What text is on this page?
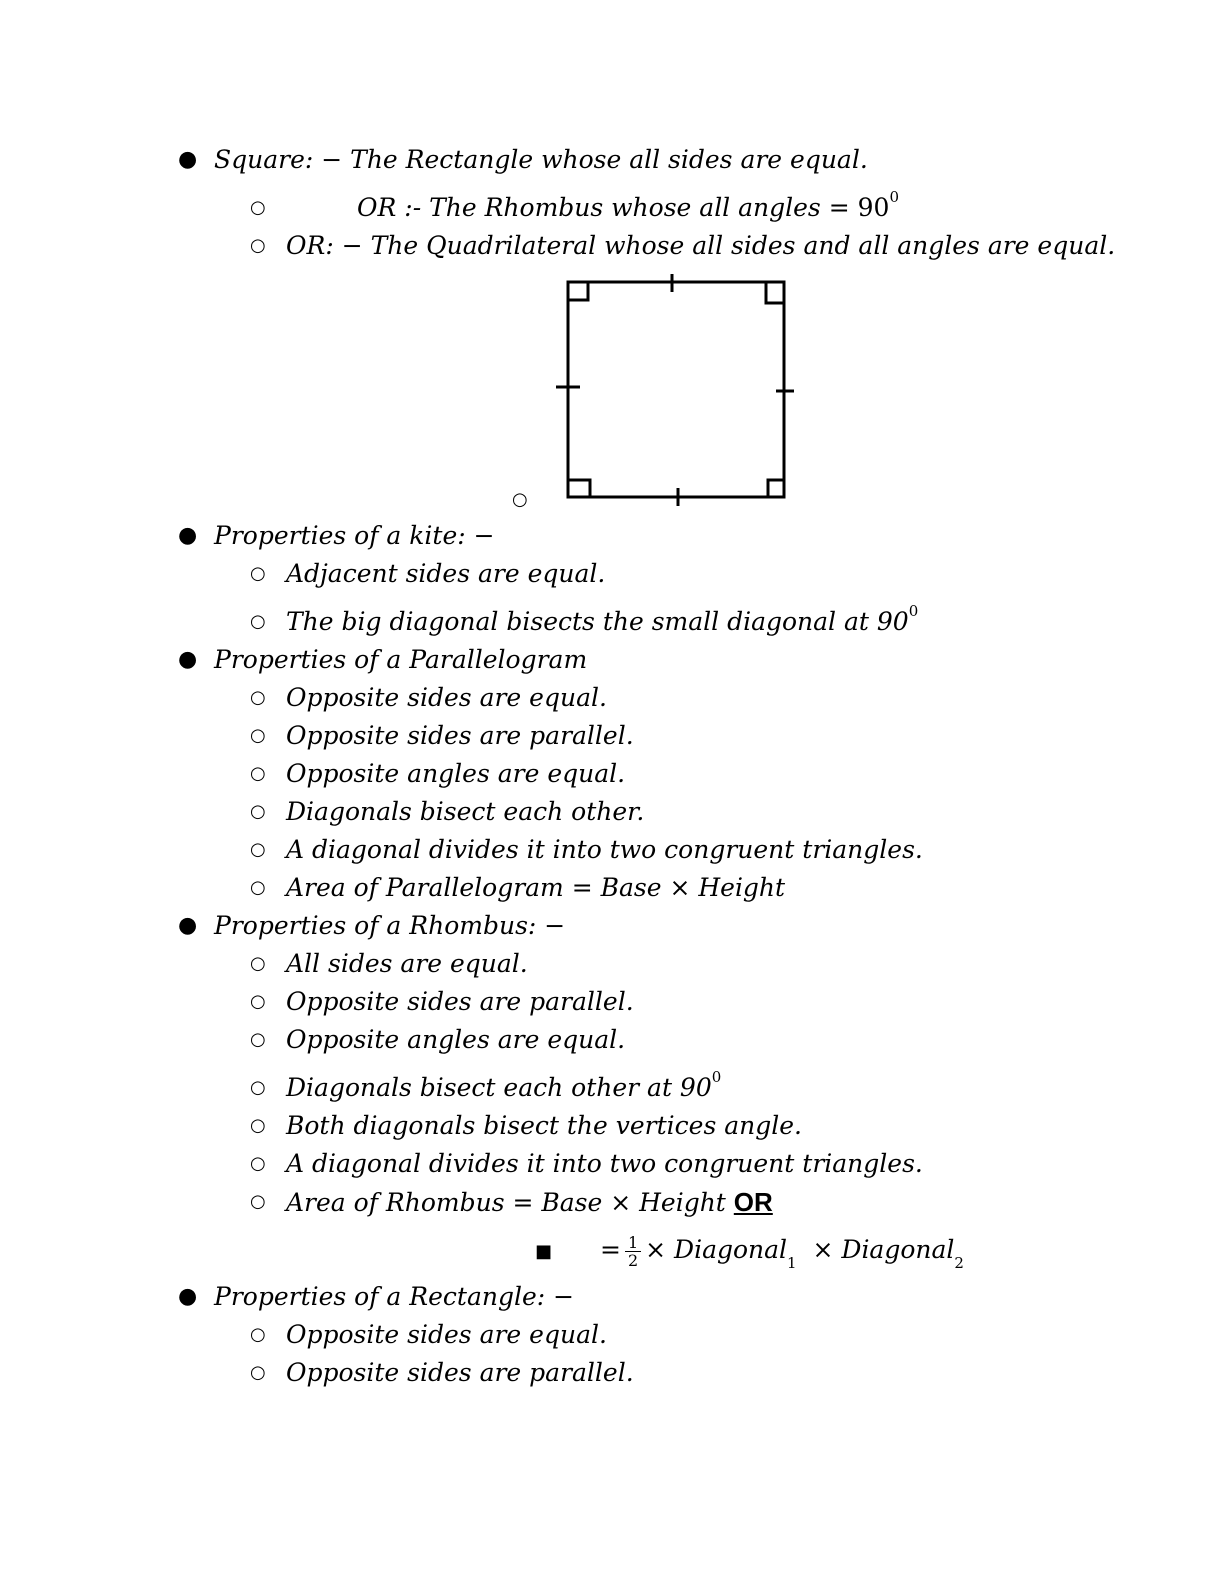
● Square: − The Rectangle whose all sides are equal.
○	OR :- The Rhombus whose all angles = $90^0$
○ OR: − The Quadrilateral whose all sides and all angles are equal.
○
● Properties of a kite: −
○ Adjacent sides are equal.
○ The big diagonal bisects the small diagonal at $90^0$
● Properties of a Parallelogram
○ Opposite sides are equal.
○ Opposite sides are parallel.
○ Opposite angles are equal.
○ Diagonals bisect each other.
○ A diagonal divides it into two congruent triangles.
○ Area of Parallelogram = Base × Height
● Properties of a Rhombus: −
○ All sides are equal.
○ Opposite sides are parallel.
○ Opposite angles are equal.
○ Diagonals bisect each other at $90^0$
○ Both diagonals bisect the vertices angle.
○ A diagonal divides it into two congruent triangles.
○ Area of Rhombus = Base × Height OR
■ = $\frac{1}{2}$ × Diagonal$_1$ × Diagonal$_2$
● Properties of a Rectangle: −
○ Opposite sides are equal.
○ Opposite sides are parallel.
